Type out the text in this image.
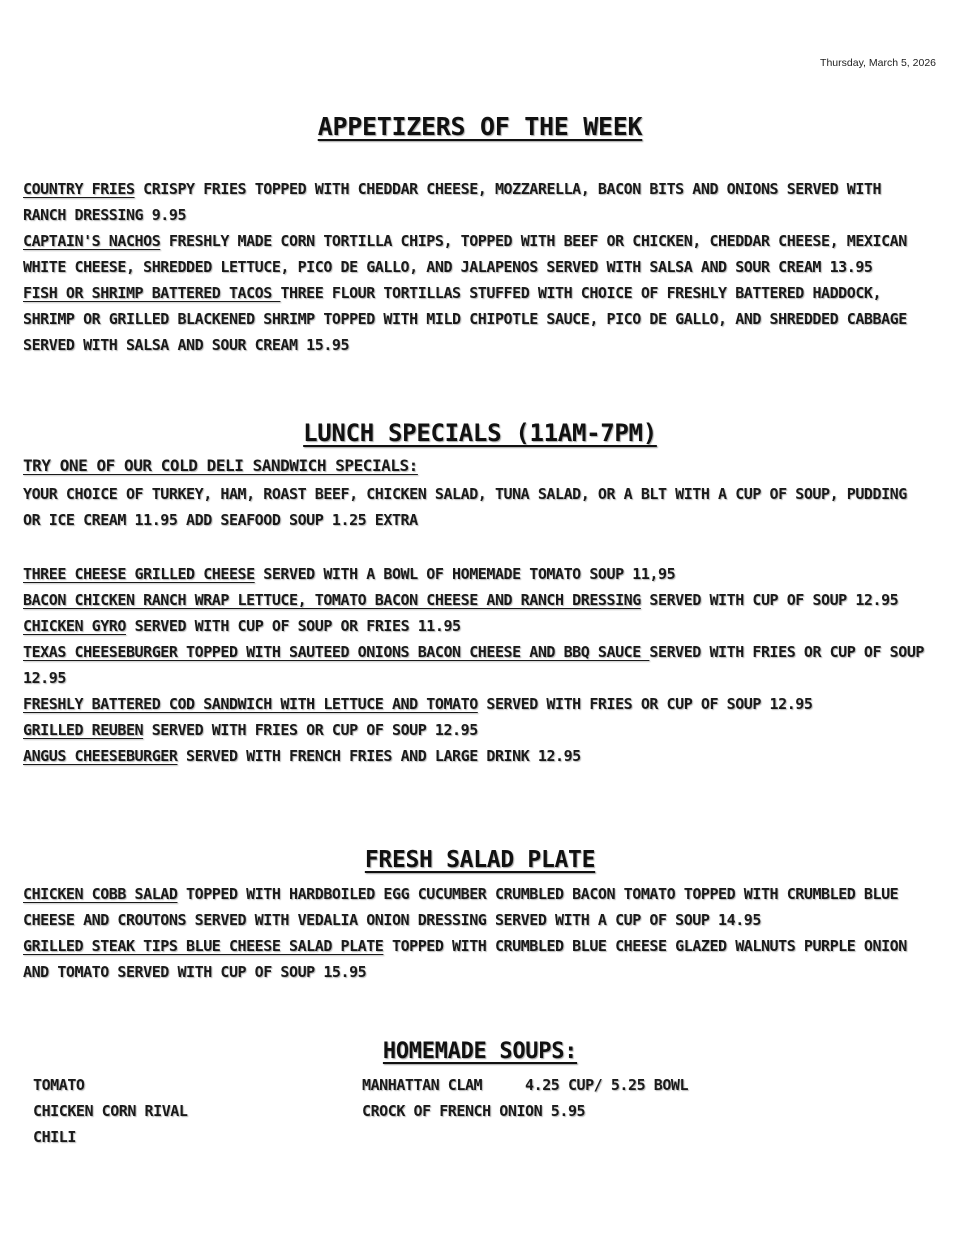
Thursday, March 5, 2026
APPETIZERS OF THE WEEK

COUNTRY FRIES CRISPY FRIES TOPPED WITH CHEDDAR CHEESE, MOZZARELLA, BACON BITS AND ONIONS SERVED WITH RANCH DRESSING 9.95

CAPTAIN'S NACHOS FRESHLY MADE CORN TORTILLA CHIPS, TOPPED WITH BEEF OR CHICKEN, CHEDDAR CHEESE, MEXICAN WHITE CHEESE, SHREDDED LETTUCE, PICO DE GALLO, AND JALAPENOS SERVED WITH SALSA AND SOUR CREAM 13.95

FISH OR SHRIMP BATTERED TACOS THREE FLOUR TORTILLAS STUFFED WITH CHOICE OF FRESHLY BATTERED HADDOCK, SHRIMP OR GRILLED BLACKENED SHRIMP TOPPED WITH MILD CHIPOTLE SAUCE, PICO DE GALLO, AND SHREDDED CABBAGE SERVED WITH SALSA AND SOUR CREAM 15.95

LUNCH SPECIALS (11AM-7PM)
TRY ONE OF OUR COLD DELI SANDWICH SPECIALS:
YOUR CHOICE OF TURKEY, HAM, ROAST BEEF, CHICKEN SALAD, TUNA SALAD, OR A BLT WITH A CUP OF SOUP, PUDDING OR ICE CREAM 11.95 ADD SEAFOOD SOUP 1.25 EXTRA

THREE CHEESE GRILLED CHEESE SERVED WITH A BOWL OF HOMEMADE TOMATO SOUP 11,95

BACON CHICKEN RANCH WRAP LETTUCE, TOMATO BACON CHEESE AND RANCH DRESSING SERVED WITH CUP OF SOUP 12.95

CHICKEN GYRO SERVED WITH CUP OF SOUP OR FRIES 11.95

TEXAS CHEESEBURGER TOPPED WITH SAUTEED ONIONS BACON CHEESE AND BBQ SAUCE SERVED WITH FRIES OR CUP OF SOUP 12.95

FRESHLY BATTERED COD SANDWICH WITH LETTUCE AND TOMATO SERVED WITH FRIES OR CUP OF SOUP 12.95

GRILLED REUBEN SERVED WITH FRIES OR CUP OF SOUP 12.95

ANGUS CHEESEBURGER SERVED WITH FRENCH FRIES AND LARGE DRINK 12.95

FRESH SALAD PLATE

CHICKEN COBB SALAD TOPPED WITH HARDBOILED EGG CUCUMBER CRUMBLED BACON TOMATO TOPPED WITH CRUMBLED BLUE CHEESE AND CROUTONS SERVED WITH VEDALIA ONION DRESSING SERVED WITH A CUP OF SOUP 14.95

GRILLED STEAK TIPS BLUE CHEESE SALAD PLATE TOPPED WITH CRUMBLED BLUE CHEESE GLAZED WALNUTS PURPLE ONION AND TOMATO SERVED WITH CUP OF SOUP 15.95

HOMEMADE SOUPS:

TOMATO

CHICKEN CORN RIVAL

CHILI

MANHATTAN CLAM     4.25 CUP/ 5.25 BOWL

CROCK OF FRENCH ONION 5.95
